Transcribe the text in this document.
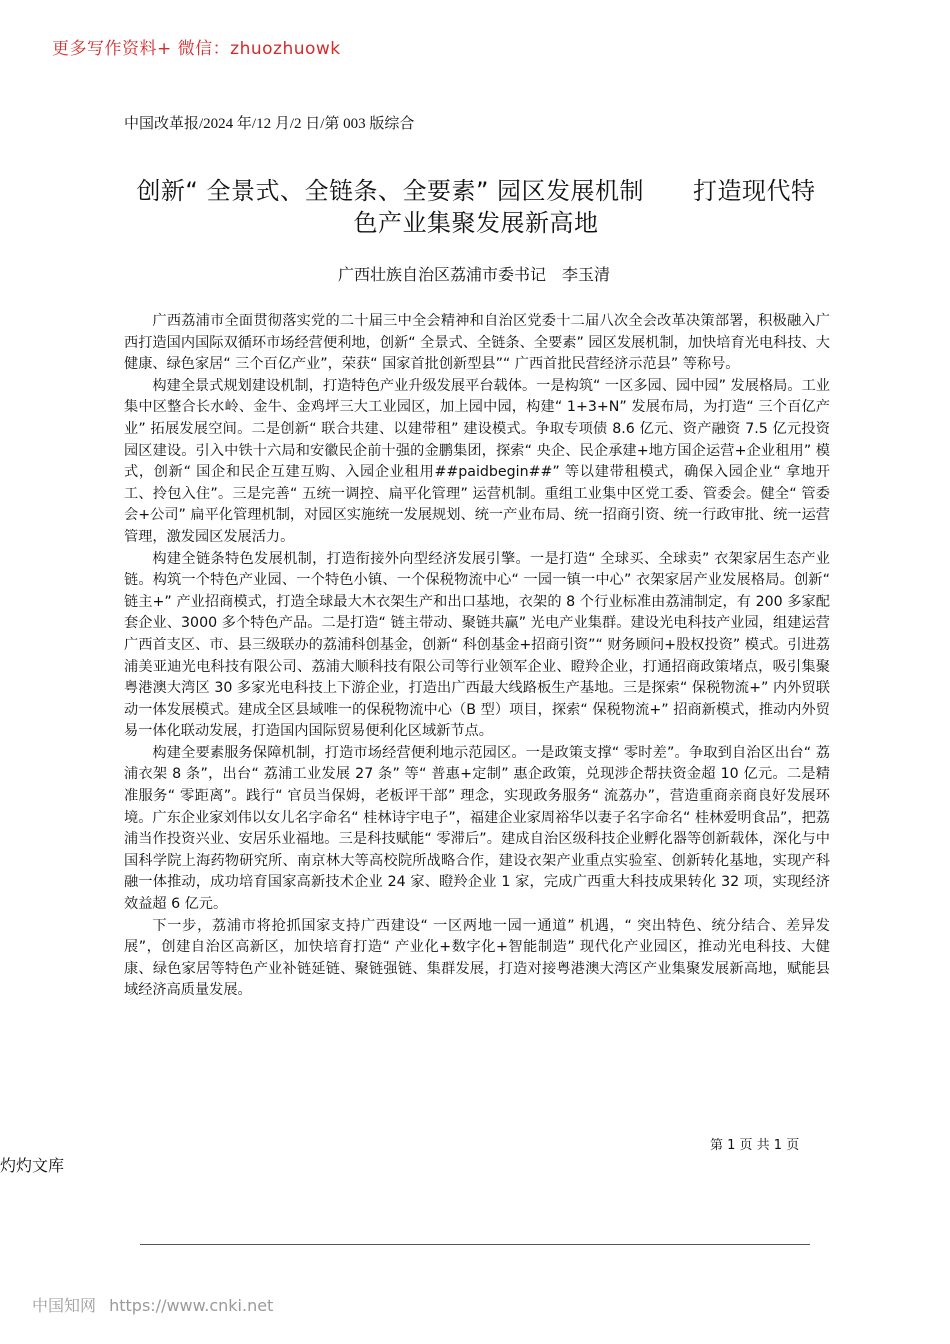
更多写作资料+ 微信：zhuozhuowk
中国改革报/2024 年/12 月/2 日/第 003 版综合
创新“ 全景式、全链条、全要素” 园区发展机制　　打造现代特
色产业集聚发展新高地
广西壮族自治区荔浦市委书记　李玉清

广西荔浦市全面贯彻落实党的二十届三中全会精神和自治区党委十二届八次全会改革决策部署，积极融入广西打造国内国际双循环市场经营便利地，创新“ 全景式、全链条、全要素” 园区发展机制，加快培育光电科技、大健康、绿色家居“ 三个百亿产业”，荣获“ 国家首批创新型县”“ 广西首批民营经济示范县” 等称号。

构建全景式规划建设机制，打造特色产业升级发展平台载体。一是构筑“ 一区多园、园中园” 发展格局。工业集中区整合长水岭、金牛、金鸡坪三大工业园区，加上园中园，构建“ 1+3+N” 发展布局，为打造“ 三个百亿产业” 拓展发展空间。二是创新“ 联合共建、以建带租” 建设模式。争取专项债 8.6 亿元、资产融资 7.5 亿元投资园区建设。引入中铁十六局和安徽民企前十强的金鹏集团，探索“ 央企、民企承建+地方国企运营+企业租用” 模式，创新“ 国企和民企互建互购、入园企业租用##paidbegin##” 等以建带租模式，确保入园企业“ 拿地开工、拎包入住”。三是完善“ 五统一调控、扁平化管理” 运营机制。重组工业集中区党工委、管委会。健全“ 管委会+公司” 扁平化管理机制，对园区实施统一发展规划、统一产业布局、统一招商引资、统一行政审批、统一运营管理，激发园区发展活力。

构建全链条特色发展机制，打造衔接外向型经济发展引擎。一是打造“ 全球买、全球卖” 衣架家居生态产业链。构筑一个特色产业园、一个特色小镇、一个保税物流中心“ 一园一镇一中心” 衣架家居产业发展格局。创新“ 链主+” 产业招商模式，打造全球最大木衣架生产和出口基地，衣架的 8 个行业标准由荔浦制定，有 200 多家配套企业、3000 多个特色产品。二是打造“ 链主带动、聚链共赢” 光电产业集群。建设光电科技产业园，组建运营广西首支区、市、县三级联办的荔浦科创基金，创新“ 科创基金+招商引资”“ 财务顾问+股权投资” 模式。引进荔浦美亚迪光电科技有限公司、荔浦大顺科技有限公司等行业领军企业、瞪羚企业，打通招商政策堵点，吸引集聚粤港澳大湾区 30 多家光电科技上下游企业，打造出广西最大线路板生产基地。三是探索“ 保税物流+” 内外贸联动一体发展模式。建成全区县域唯一的保税物流中心（B 型）项目，探索“ 保税物流+” 招商新模式，推动内外贸易一体化联动发展，打造国内国际贸易便利化区域新节点。

构建全要素服务保障机制，打造市场经营便利地示范园区。一是政策支撑“ 零时差”。争取到自治区出台“ 荔浦衣架 8 条”，出台“ 荔浦工业发展 27 条” 等“ 普惠+定制” 惠企政策，兑现涉企帮扶资金超 10 亿元。二是精准服务“ 零距离”。践行“ 官员当保姆，老板评干部” 理念，实现政务服务“ 流荔办”，营造重商亲商良好发展环境。广东企业家刘伟以女儿名字命名“ 桂林诗宇电子”，福建企业家周裕华以妻子名字命名“ 桂林爱明食品”，把荔浦当作投资兴业、安居乐业福地。三是科技赋能“ 零滞后”。建成自治区级科技企业孵化器等创新载体，深化与中国科学院上海药物研究所、南京林大等高校院所战略合作，建设衣架产业重点实验室、创新转化基地，实现产科融一体推动，成功培育国家高新技术企业 24 家、瞪羚企业 1 家，完成广西重大科技成果转化 32 项，实现经济效益超 6 亿元。

下一步，荔浦市将抢抓国家支持广西建设“ 一区两地一园一通道” 机遇，“ 突出特色、统分结合、差异发展”，创建自治区高新区，加快培育打造“ 产业化+数字化+智能制造” 现代化产业园区，推动光电科技、大健康、绿色家居等特色产业补链延链、聚链强链、集群发展，打造对接粤港澳大湾区产业集聚发展新高地，赋能县域经济高质量发展。

第 1 页 共 1 页
灼灼文库
中国知网 https://www.cnki.net
